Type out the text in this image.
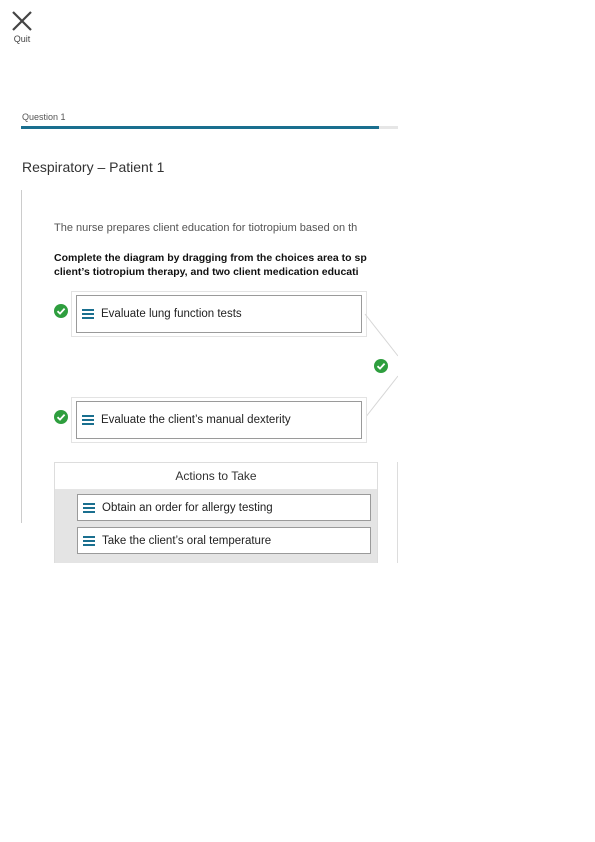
Quit
Question 1
Respiratory – Patient 1
The nurse prepares client education for tiotropium based on th
Complete the diagram by dragging from the choices area to sp
client’s tiotropium therapy, and two client medication educati
Evaluate lung function tests
Evaluate the client’s manual dexterity
Actions to Take
Obtain an order for allergy testing
Take the client’s oral temperature
